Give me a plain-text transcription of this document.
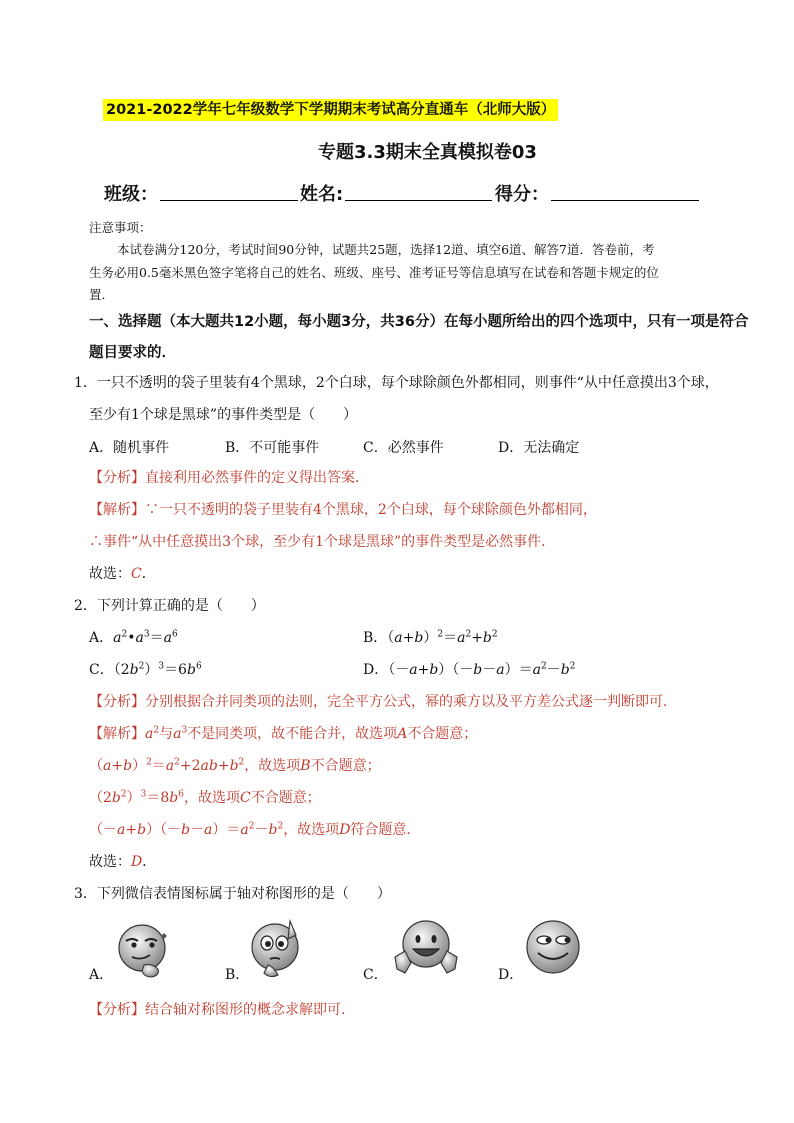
2021-2022学年七年级数学下学期期末考试高分直通车（北师大版）
专题3.3期末全真模拟卷03
班级：	姓名:	得分：
注意事项：
本试卷满分120分，考试时间90分钟，试题共25题，选择12道、填空6道、解答7道．答卷前，考
生务必用0.5毫米黑色签字笔将自己的姓名、班级、座号、准考证号等信息填写在试卷和答题卡规定的位
置．
一、选择题（本大题共12小题，每小题3分，共36分）在每小题所给出的四个选项中，只有一项是符合
题目要求的．
1．一只不透明的袋子里装有4个黑球，2个白球，每个球除颜色外都相同，则事件“从中任意摸出3个球，
至少有1个球是黑球”的事件类型是（　　）
A．随机事件	B．不可能事件	C．必然事件	D．无法确定
【分析】直接利用必然事件的定义得出答案．
【解析】∵一只不透明的袋子里装有4个黑球，2个白球，每个球除颜色外都相同，
∴事件“从中任意摸出3个球，至少有1个球是黑球”的事件类型是必然事件．
故选：C．
2．下列计算正确的是（　　）
A．$a^2•a^3=a^6$	B．$(a+b)^2=a^2+b^2$
C．$(2b^2)^3=6b^6$	D．$(-a+b)(-b-a)=a^2-b^2$
【分析】分别根据合并同类项的法则，完全平方公式，幂的乘方以及平方差公式逐一判断即可．
【解析】$a^2$与$a^3$不是同类项，故不能合并，故选项A不合题意；
$(a+b)^2=a^2+2ab+b^2$，故选项B不合题意；
$(2b^2)^3=8b^6$，故选项C不合题意；
$(-a+b)(-b-a)=a^2-b^2$，故选项D符合题意．
故选：D．
3．下列微信表情图标属于轴对称图形的是（　　）
A．	B．	C．	D．
【分析】结合轴对称图形的概念求解即可．
